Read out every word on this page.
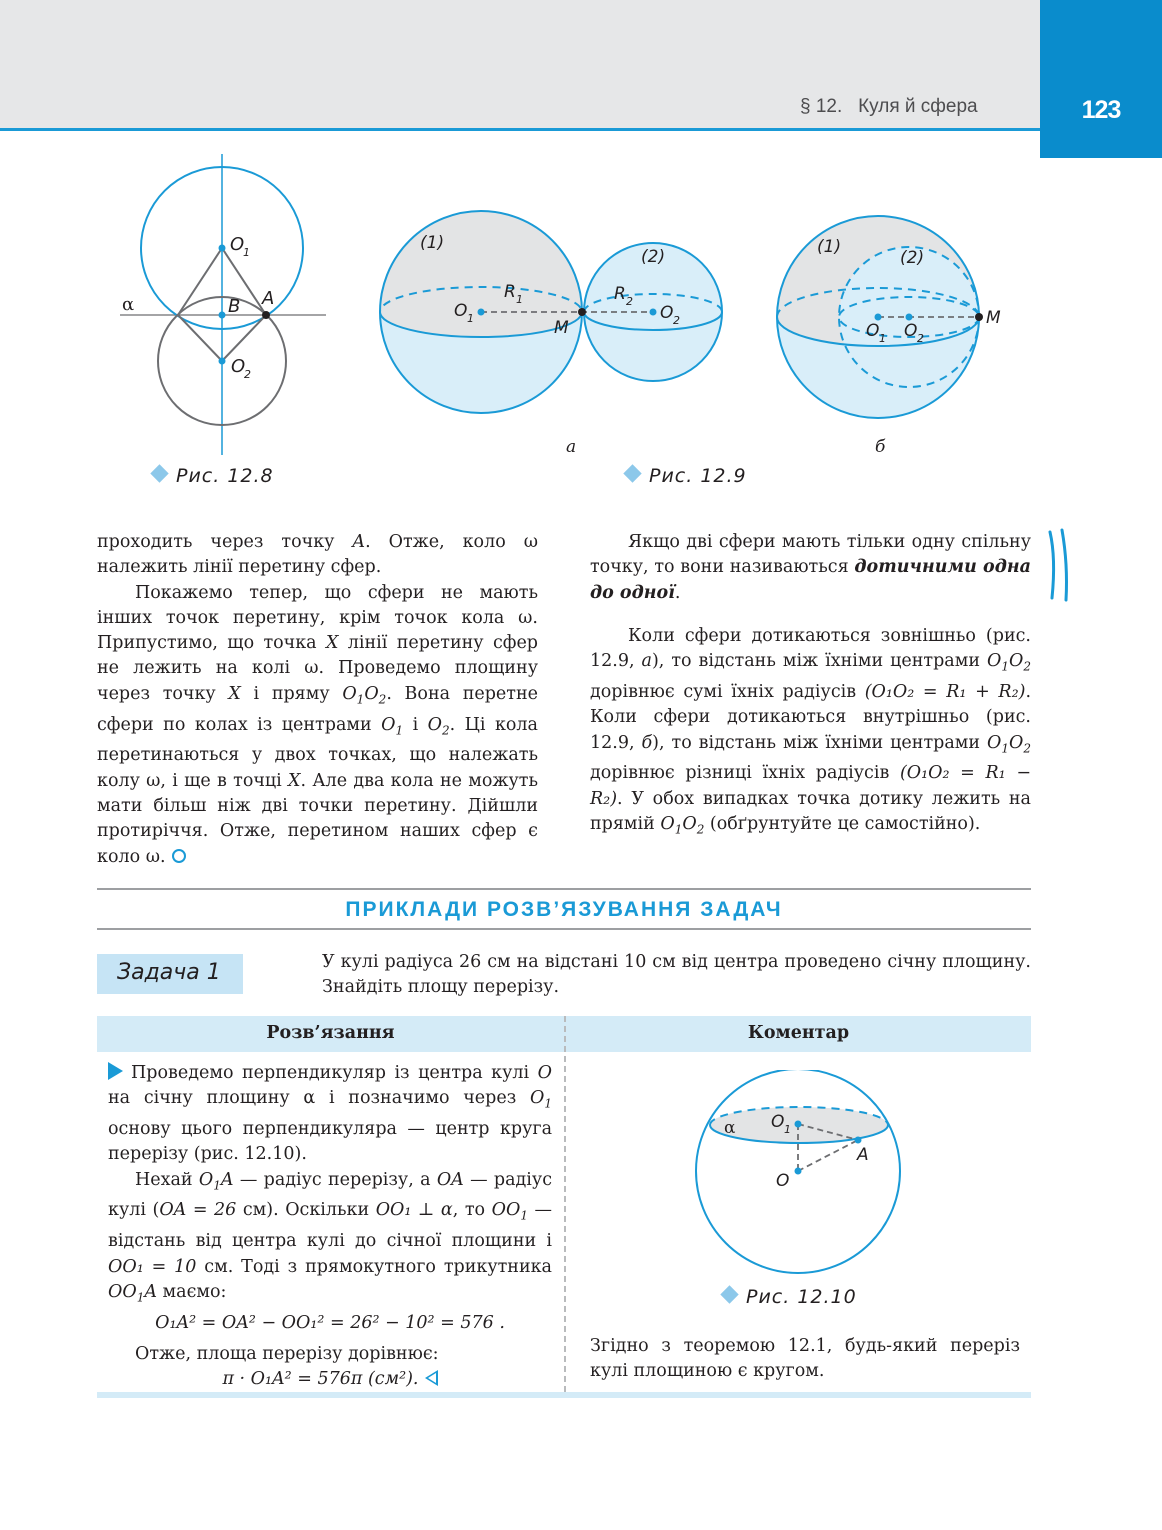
123
§ 12.   Куля й сфера
O
1
B A
O
2
α
(1)
(2)
O 1
R 1
M
R 2
O 2
(1)
(2)
O 1 O 2
M
а	б
Рис. 12.8	Рис. 12.9

проходить через точку A. Отже, коло ω належить лінії перетину сфер.

Покажемо тепер, що сфери не мають інших точок перетину, крім точок кола ω. Припустимо, що точка X лінії перетину сфер не лежить на колі ω. Проведемо площину через точку X і пряму $O_1O_2$. Вона перетне сфери по колах із центрами $O_1$ і $O_2$. Ці кола перетинаються у двох точках, що належать колу ω, і ще в точці X. Але два кола не можуть мати більш ніж дві точки перетину. Дійшли протиріччя. Отже, перетином наших сфер є коло ω.

Якщо дві сфери мають тільки одну спільну точку, то вони називаються дотичними одна до одної.

Коли сфери дотикаються зовнішньо (рис. 12.9, а), то відстань між їхніми центрами $O_1O_2$ дорівнює сумі їхніх радіусів (O₁O₂ = R₁ + R₂). Коли сфери дотикаються внутрішньо (рис. 12.9, б), то відстань між їхніми центрами $O_1O_2$ дорівнює різниці їхніх радіусів (O₁O₂ = R₁ − R₂). У обох випадках точка дотику лежить на прямій $O_1O_2$ (обґрунтуйте це самостійно).

ПРИКЛАДИ РОЗВ’ЯЗУВАННЯ ЗАДАЧ
Задача 1	У кулі радіуса 26 см на відстані 10 см від центра проведено січну площину. Знайдіть площу перерізу.
Розв’язання	Коментар

Проведемо перпендикуляр із центра кулі O на січну площину α і позначимо через $O_1$ основу цього перпендикуляра — центр круга перерізу (рис. 12.10).

Нехай $O_1A$ — радіус перерізу, а OA — радіус кулі (OA = 26 см). Оскільки OO₁ ⊥ α, то $OO_1$ — відстань від центра кулі до січної площини і OO₁ = 10 см. Тоді з прямокутного трикутника $OO_1A$ маємо:

O₁A² = OA² − OO₁² = 26² − 10² = 576 .

Отже, площа перерізу дорівнює:

π · O₁A² = 576π (см²).

α O 1
A
O
Рис. 12.10
Згідно з теоремою 12.1, будь-який переріз кулі площиною є кругом.
